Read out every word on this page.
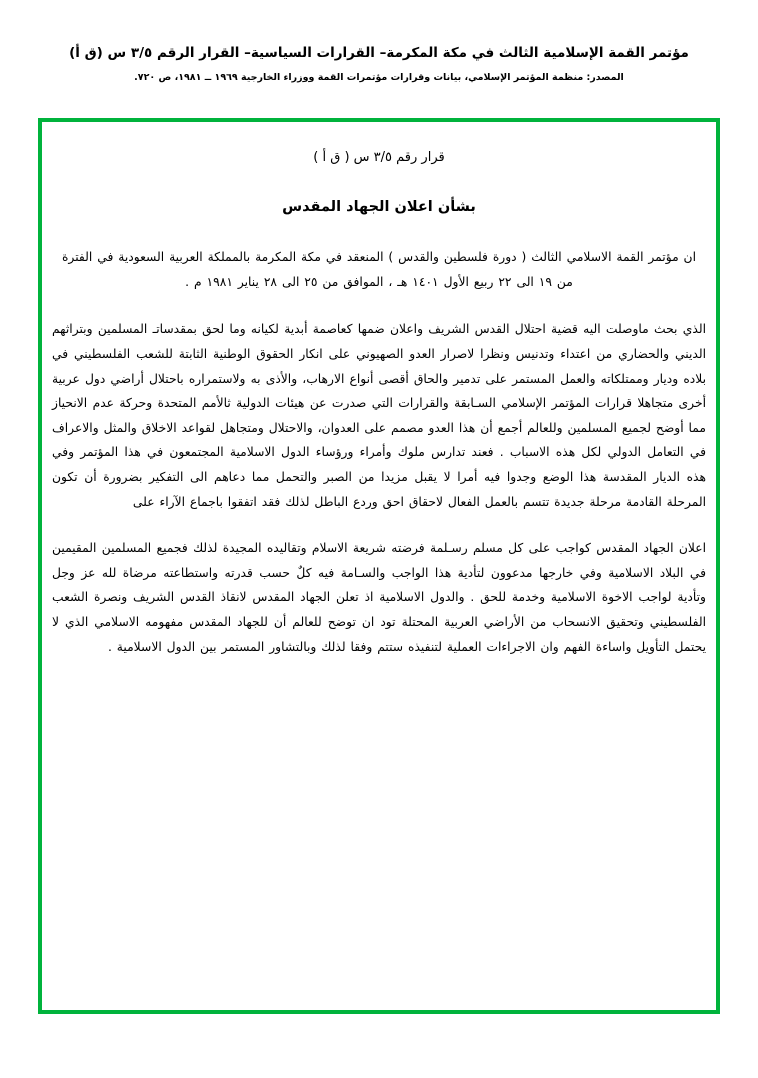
مؤتمر القمة الإسلامية الثالث في مكة المكرمة– القرارات السياسية– القرار الرقم ٣/٥ س (ق أ)
المصدر: منظمة المؤتمر الإسلامي، بيانات وقرارات مؤتمرات القمة ووزراء الخارجية ١٩٦٩ ــ ١٩٨١، ص ٧٢٠.
قرار رقم ٣/٥ س ( ق أ )
بشأن اعلان الجهاد المقدس
ان مؤتمر القمة الاسلامي الثالث ( دورة فلسطين والقدس ) المنعقد في مكة المكرمة بالمملكة العربية السعودية في الفترة من ١٩ الى ٢٢ ربيع الأول ١٤٠١ هـ ، الموافق من ٢٥ الى ٢٨ يناير ١٩٨١ م .
الذي بحث ماوصلت اليه قضية احتلال القدس الشريف واعلان ضمها كعاصمة أبدية لكيانه وما لحق بمقدساتـ المسلمين وبتراثهم الديني والحضاري من اعتداء وتدنيس ونظرا لاصرار العدو الصهيوني على انكار الحقوق الوطنية الثابتة للشعب الفلسطيني في بلاده وديار وممتلكاته والعمل المستمر على تدمير والحاق أقصى أنواع الارهاب، والأذى به ولاستمراره باحتلال أراضي دول عربية أخرى متجاهلا قرارات المؤتمر الإسلامي السـابقة والقرارات التي صدرت عن هيئات الدولية ثالأمم المتحدة وحركة عدم الانحياز مما أوضح لجميع المسلمين وللعالم أجمع أن هذا العدو مصمم على العدوان، والاحتلال ومتجاهل لقواعد الاخلاق والمثل والاعراف في التعامل الدولي لكل هذه الاسباب . فعند تدارس ملوك وأمراء ورؤساء الدول الاسلامية المجتمعون في هذا المؤتمر وفي هذه الديار المقدسة هذا الوضع وجدوا فيه أمرا لا يقبل مزيدا من الصبر والتحمل مما دعاهم الى التفكير بضرورة أن تكون المرحلة القادمة مرحلة جديدة تتسم بالعمل الفعال لاحقاق احق وردع الباطل لذلك فقد اتفقوا باجماع الآراء على
اعلان الجهاد المقدس كواجب على كل مسلم رسـلمة فرضته شريعة الاسلام وتقاليده المجيدة لذلك فجميع المسلمين المقيمين في البلاد الاسلامية وفي خارجها مدعوون لتأدية هذا الواجب والسـامة فيه كلٌ حسب قدرته واستطاعته مرضاة لله عز وجل وتأدية لواجب الاخوة الاسلامية وخدمة للحق . والدول الاسلامية اذ تعلن الجهاد المقدس لانقاذ القدس الشريف ونصرة الشعب الفلسطيني وتحقيق الانسحاب من الأراضي العربية المحتلة تود ان توضح للعالم أن للجهاد المقدس مفهومه الاسلامي الذي لا يحتمل التأويل واساءة الفهم وان الاجراءات العملية لتنفيذه ستتم وفقا لذلك وبالتشاور المستمر بين الدول الاسلامية .
